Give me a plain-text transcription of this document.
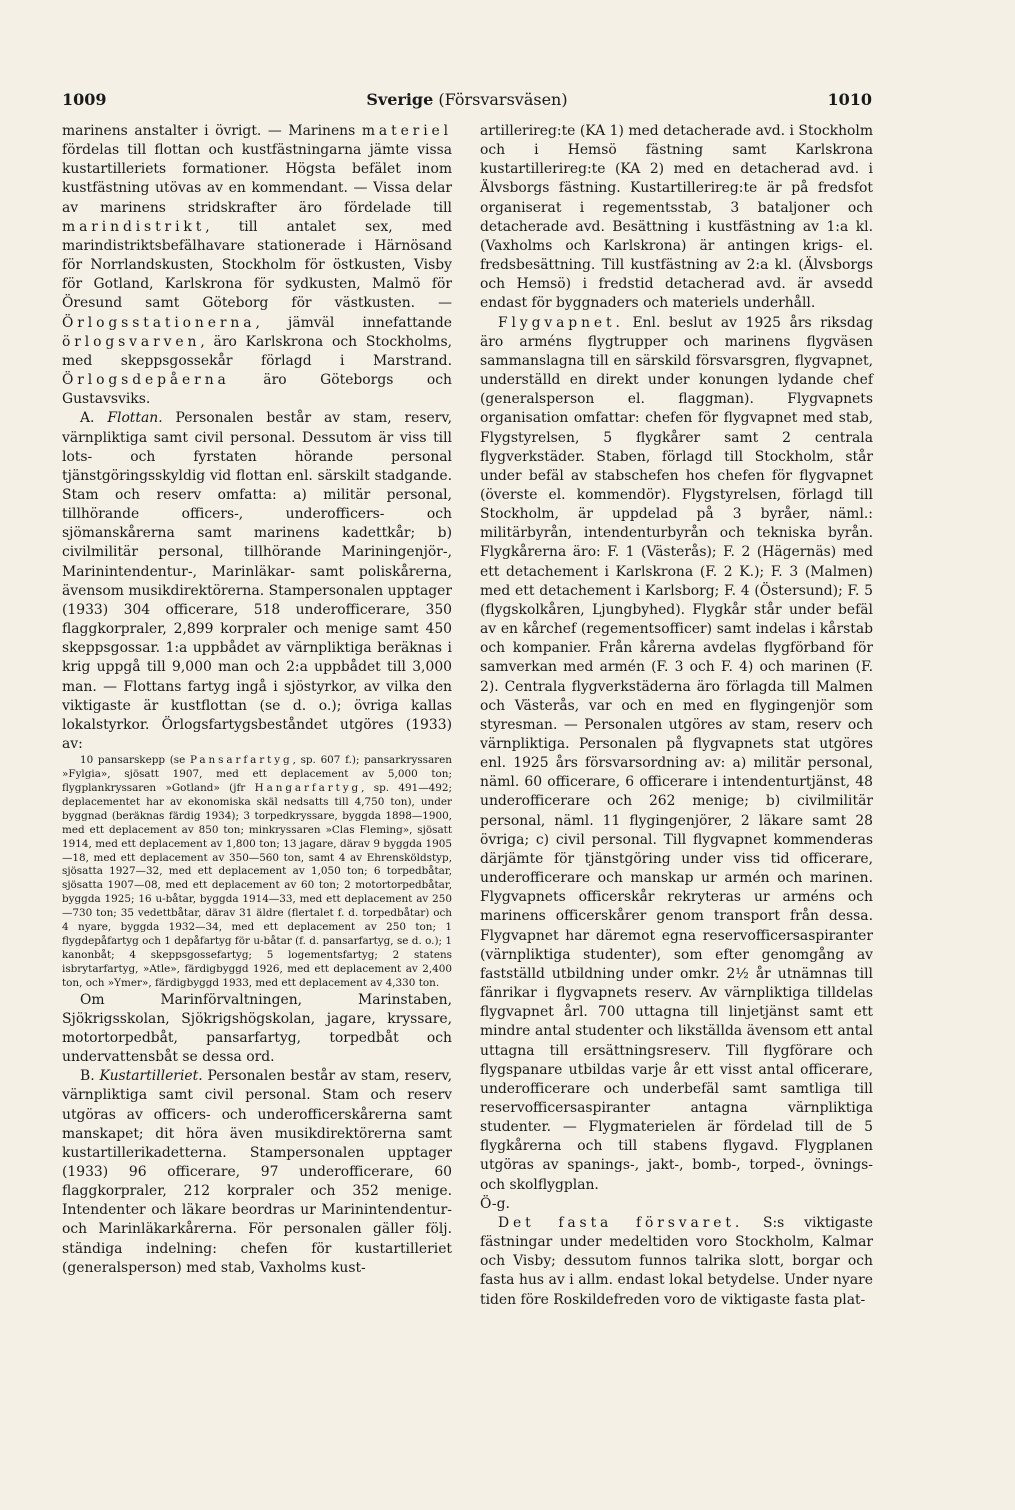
1009	Sverige (Försvarsväsen)	1010

marinens anstalter i övrigt. — Marinens materiel fördelas till flottan och kustfästningarna jämte vissa kustartilleriets formationer. Högsta befälet inom kustfästning utövas av en kommendant. — Vissa delar av marinens stridskrafter äro fördelade till marindistrikt, till antalet sex, med marindistriktsbefälhavare stationerade i Härnösand för Norrlandskusten, Stockholm för östkusten, Visby för Gotland, Karlskrona för sydkusten, Malmö för Öresund samt Göteborg för västkusten. — Örlogsstationerna, jämväl innefattande örlogsvarven, äro Karlskrona och Stockholms, med skeppsgossekår förlagd i Marstrand. Örlogsdepåerna äro Göteborgs och Gustavsviks.

A. Flottan. Personalen består av stam, reserv, värnpliktiga samt civil personal. Dessutom är viss till lots- och fyrstaten hörande personal tjänstgöringsskyldig vid flottan enl. särskilt stadgande. Stam och reserv omfatta: a) militär personal, tillhörande officers-, underofficers- och sjömanskårerna samt marinens kadettkår; b) civilmilitär personal, tillhörande Mariningenjör-, Marinintendentur-, Marinläkar- samt poliskårerna, ävensom musikdirektörerna. Stampersonalen upptager (1933) 304 officerare, 518 underofficerare, 350 flaggkorpraler, 2,899 korpraler och menige samt 450 skeppsgossar. 1:a uppbådet av värnpliktiga beräknas i krig uppgå till 9,000 man och 2:a uppbådet till 3,000 man. — Flottans fartyg ingå i sjöstyrkor, av vilka den viktigaste är kustflottan (se d. o.); övriga kallas lokalstyrkor. Örlogsfartygsbeståndet utgöres (1933) av:

10 pansarskepp (se Pansarfartyg, sp. 607 f.); pansarkryssaren »Fylgia», sjösatt 1907, med ett deplacement av 5,000 ton; flygplankryssaren »Gotland» (jfr Hangarfartyg, sp. 491—492; deplacementet har av ekonomiska skäl nedsatts till 4,750 ton), under byggnad (beräknas färdig 1934); 3 torpedkryssare, byggda 1898—1900, med ett deplacement av 850 ton; minkryssaren »Clas Fleming», sjösatt 1914, med ett deplacement av 1,800 ton; 13 jagare, därav 9 byggda 1905—18, med ett deplacement av 350—560 ton, samt 4 av Ehrensköldstyp, sjösatta 1927—32, med ett deplacement av 1,050 ton; 6 torpedbåtar, sjösatta 1907—08, med ett deplacement av 60 ton; 2 motortorpedbåtar, byggda 1925; 16 u-båtar, byggda 1914—33, med ett deplacement av 250—730 ton; 35 vedettbåtar, därav 31 äldre (flertalet f. d. torpedbåtar) och 4 nyare, byggda 1932—34, med ett deplacement av 250 ton; 1 flygdepåfartyg och 1 depåfartyg för u-båtar (f. d. pansarfartyg, se d. o.); 1 kanonbåt; 4 skeppsgossefartyg; 5 logementsfartyg; 2 statens isbrytarfartyg, »Atle», färdigbyggd 1926, med ett deplacement av 2,400 ton, och »Ymer», färdigbyggd 1933, med ett deplacement av 4,330 ton.

Om Marinförvaltningen, Marinstaben, Sjökrigsskolan, Sjökrigshögskolan, jagare, kryssare, motortorpedbåt, pansarfartyg, torpedbåt och undervattensbåt se dessa ord.

B. Kustartilleriet. Personalen består av stam, reserv, värnpliktiga samt civil personal. Stam och reserv utgöras av officers- och underofficerskårerna samt manskapet; dit höra även musikdirektörerna samt kustartillerikadetterna. Stampersonalen upptager (1933) 96 officerare, 97 underofficerare, 60 flaggkorpraler, 212 korpraler och 352 menige. Intendenter och läkare beordras ur Marinintendentur- och Marinläkarkårerna. För personalen gäller följ. ständiga indelning: chefen för kustartilleriet (generalsperson) med stab, Vaxholms kust-

artillerireg:te (KA 1) med detacherade avd. i Stockholm och i Hemsö fästning samt Karlskrona kustartillerireg:te (KA 2) med en detacherad avd. i Älvsborgs fästning. Kustartillerireg:te är på fredsfot organiserat i regementsstab, 3 bataljoner och detacherade avd. Besättning i kustfästning av 1:a kl. (Vaxholms och Karlskrona) är antingen krigs- el. fredsbesättning. Till kustfästning av 2:a kl. (Älvsborgs och Hemsö) i fredstid detacherad avd. är avsedd endast för byggnaders och materiels underhåll.

Flygvapnet. Enl. beslut av 1925 års riksdag äro arméns flygtrupper och marinens flygväsen sammanslagna till en särskild försvarsgren, flygvapnet, underställd en direkt under konungen lydande chef (generalsperson el. flaggman). Flygvapnets organisation omfattar: chefen för flygvapnet med stab, Flygstyrelsen, 5 flygkårer samt 2 centrala flygverkstäder. Staben, förlagd till Stockholm, står under befäl av stabschefen hos chefen för flygvapnet (överste el. kommendör). Flygstyrelsen, förlagd till Stockholm, är uppdelad på 3 byråer, näml.: militärbyrån, intendenturbyrån och tekniska byrån. Flygkårerna äro: F. 1 (Västerås); F. 2 (Hägernäs) med ett detachement i Karlskrona (F. 2 K.); F. 3 (Malmen) med ett detachement i Karlsborg; F. 4 (Östersund); F. 5 (flygskolkåren, Ljungbyhed). Flygkår står under befäl av en kårchef (regementsofficer) samt indelas i kårstab och kompanier. Från kårerna avdelas flygförband för samverkan med armén (F. 3 och F. 4) och marinen (F. 2). Centrala flygverkstäderna äro förlagda till Malmen och Västerås, var och en med en flygingenjör som styresman. — Personalen utgöres av stam, reserv och värnpliktiga. Personalen på flygvapnets stat utgöres enl. 1925 års försvarsordning av: a) militär personal, näml. 60 officerare, 6 officerare i intendenturtjänst, 48 underofficerare och 262 menige; b) civilmilitär personal, näml. 11 flygingenjörer, 2 läkare samt 28 övriga; c) civil personal. Till flygvapnet kommenderas därjämte för tjänstgöring under viss tid officerare, underofficerare och manskap ur armén och marinen. Flygvapnets officerskår rekryteras ur arméns och marinens officerskårer genom transport från dessa. Flygvapnet har däremot egna reservofficersaspiranter (värnpliktiga studenter), som efter genomgång av fastställd utbildning under omkr. 2½ år utnämnas till fänrikar i flygvapnets reserv. Av värnpliktiga tilldelas flygvapnet årl. 700 uttagna till linjetjänst samt ett mindre antal studenter och likställda ävensom ett antal uttagna till ersättningsreserv. Till flygförare och flygspanare utbildas varje år ett visst antal officerare, underofficerare och underbefäl samt samtliga till reservofficersaspiranter antagna värnpliktiga studenter. — Flygmaterielen är fördelad till de 5 flygkårerna och till stabens flygavd. Flygplanen utgöras av spanings-, jakt-, bomb-, torped-, övnings- och skolflygplan.

Ö-g.

Det fasta försvaret. S:s viktigaste fästningar under medeltiden voro Stockholm, Kalmar och Visby; dessutom funnos talrika slott, borgar och fasta hus av i allm. endast lokal betydelse. Under nyare tiden före Roskildefreden voro de viktigaste fasta plat-
